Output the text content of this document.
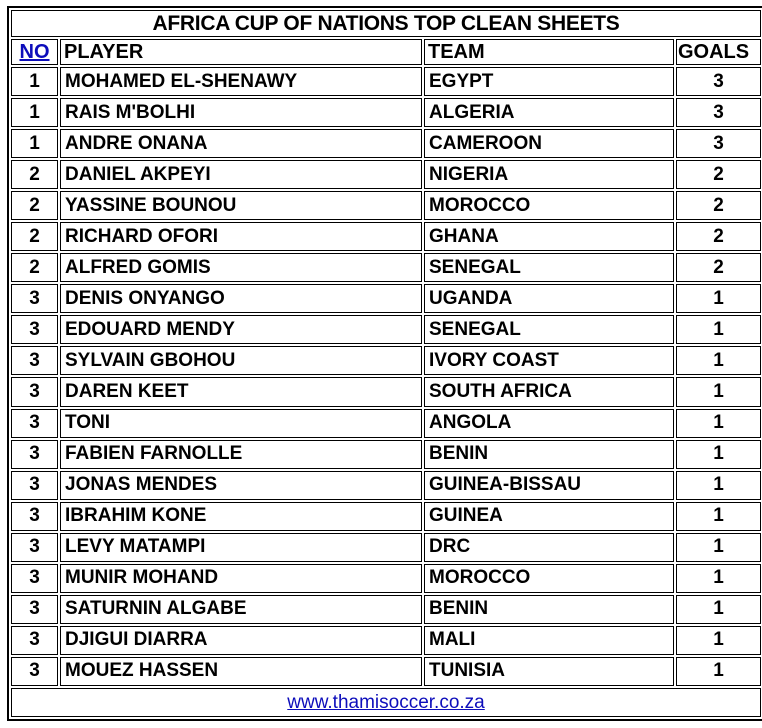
AFRICA CUP OF NATIONS TOP CLEAN SHEETS			
NO	PLAYER	TEAM	GOALS
1	MOHAMED EL-SHENAWY	EGYPT	3
1	RAIS M'BOLHI	ALGERIA	3
1	ANDRE ONANA	CAMEROON	3
2	DANIEL AKPEYI	NIGERIA	2
2	YASSINE BOUNOU	MOROCCO	2
2	RICHARD OFORI	GHANA	2
2	ALFRED GOMIS	SENEGAL	2
3	DENIS ONYANGO	UGANDA	1
3	EDOUARD MENDY	SENEGAL	1
3	SYLVAIN GBOHOU	IVORY COAST	1
3	DAREN KEET	SOUTH AFRICA	1
3	TONI	ANGOLA	1
3	FABIEN FARNOLLE	BENIN	1
3	JONAS MENDES	GUINEA-BISSAU	1
3	IBRAHIM KONE	GUINEA	1
3	LEVY MATAMPI	DRC	1
3	MUNIR MOHAND	MOROCCO	1
3	SATURNIN ALGABE	BENIN	1
3	DJIGUI DIARRA	MALI	1
3	MOUEZ HASSEN	TUNISIA	1
www.thamisoccer.co.za			
